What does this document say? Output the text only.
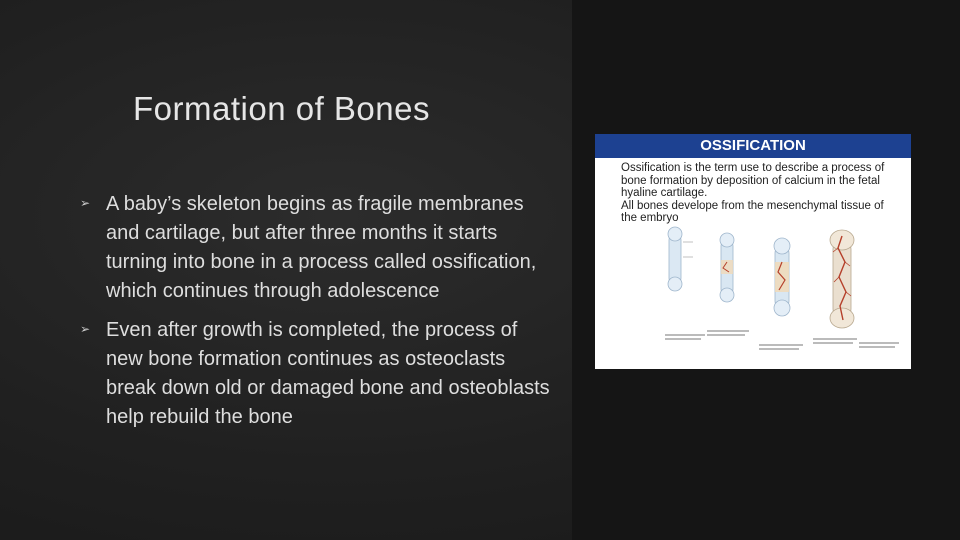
Formation of Bones
➢ A baby’s skeleton begins as fragile membranes and cartilage, but after three months it starts turning into bone in a process called ossification, which continues through adolescence
➢ Even after growth is completed, the process of new bone formation continues as osteoclasts break down old or damaged bone and osteoblasts help rebuild the bone
OSSIFICATION

Ossification is the term use to describe a process of bone formation by deposition of calcium in the fetal hyaline cartilage.

All bones develope from the mesenchymal tissue of the embryo
